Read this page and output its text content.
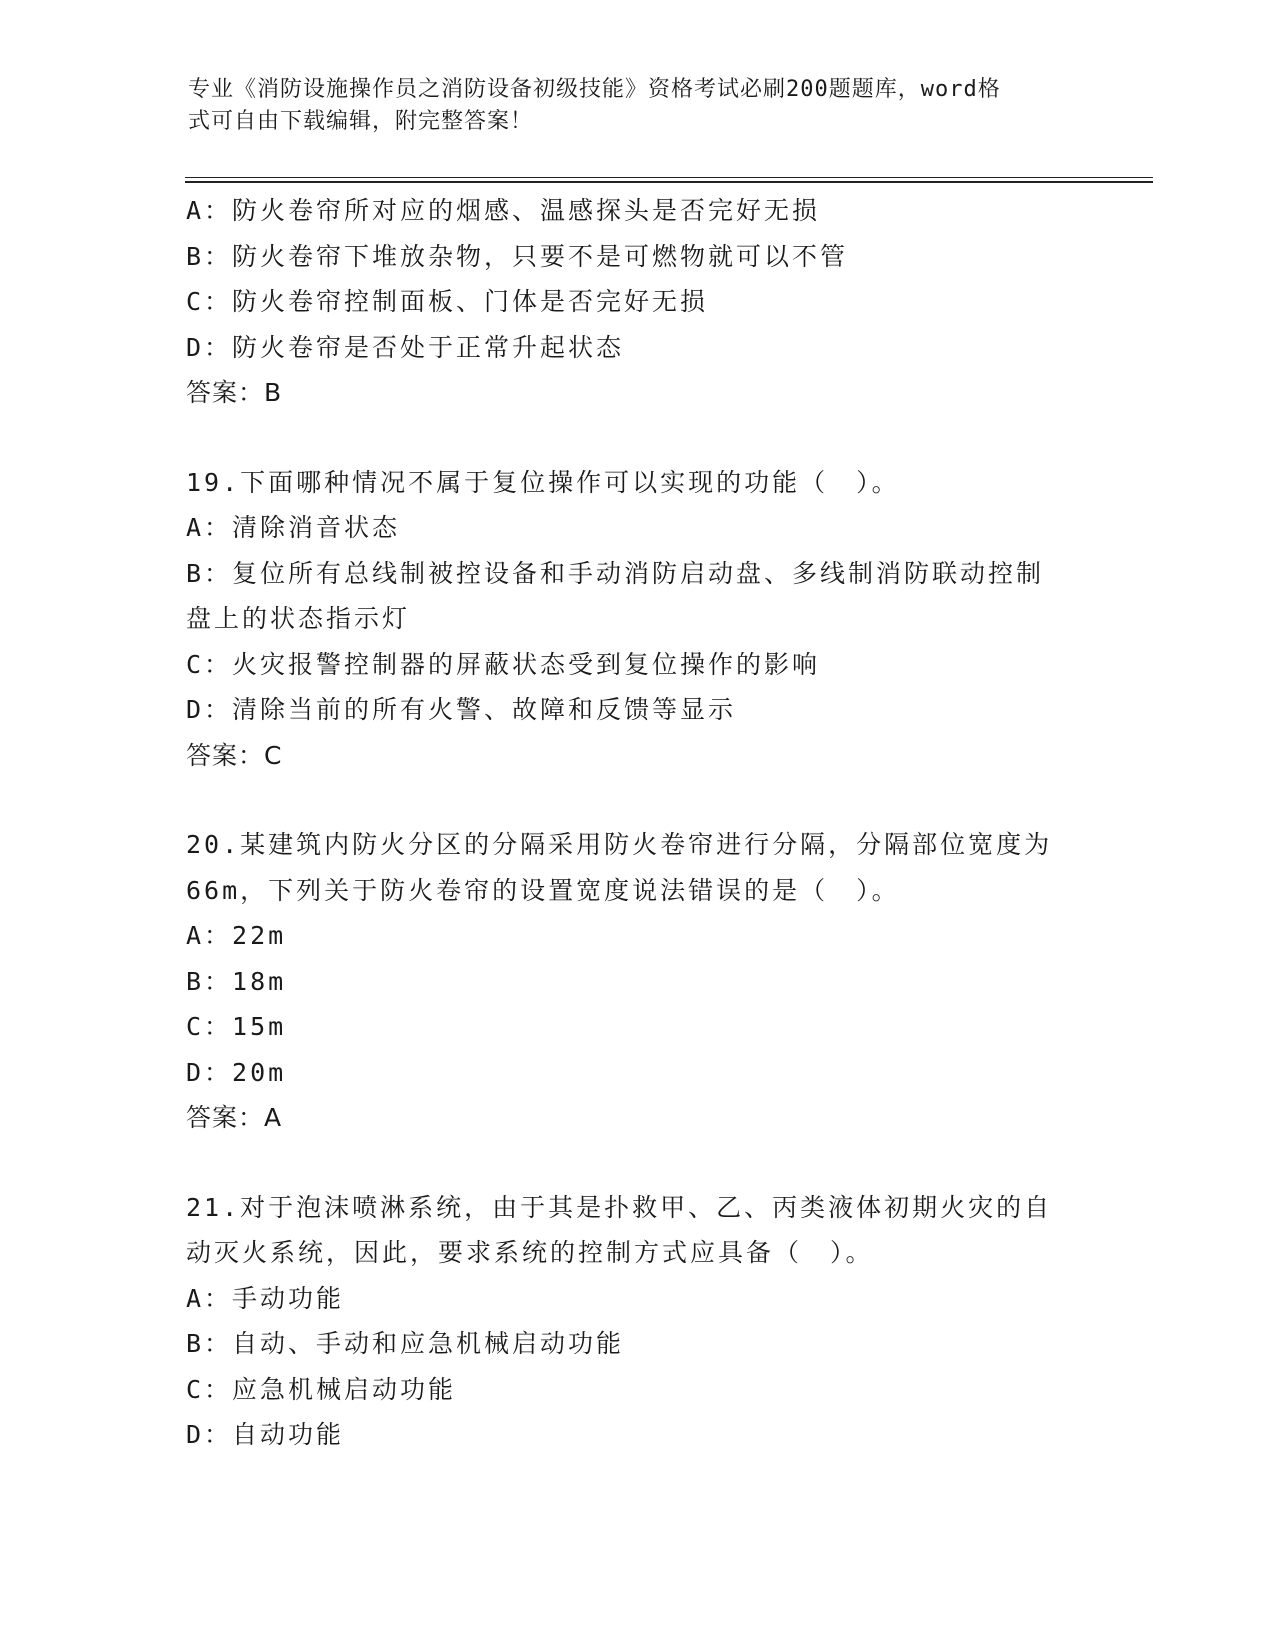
专业《消防设施操作员之消防设备初级技能》资格考试必刷200题题库，word格
式可自由下载编辑，附完整答案！
A：防火卷帘所对应的烟感、温感探头是否完好无损
B：防火卷帘下堆放杂物，只要不是可燃物就可以不管
C：防火卷帘控制面板、门体是否完好无损
D：防火卷帘是否处于正常升起状态
答案：B
19.下面哪种情况不属于复位操作可以实现的功能（　）。
A：清除消音状态
B：复位所有总线制被控设备和手动消防启动盘、多线制消防联动控制
盘上的状态指示灯
C：火灾报警控制器的屏蔽状态受到复位操作的影响
D：清除当前的所有火警、故障和反馈等显示
答案：C
20.某建筑内防火分区的分隔采用防火卷帘进行分隔，分隔部位宽度为
66m，下列关于防火卷帘的设置宽度说法错误的是（　）。
A：22m
B：18m
C：15m
D：20m
答案：A
21.对于泡沫喷淋系统，由于其是扑救甲、乙、丙类液体初期火灾的自
动灭火系统，因此，要求系统的控制方式应具备（　）。
A：手动功能
B：自动、手动和应急机械启动功能
C：应急机械启动功能
D：自动功能
